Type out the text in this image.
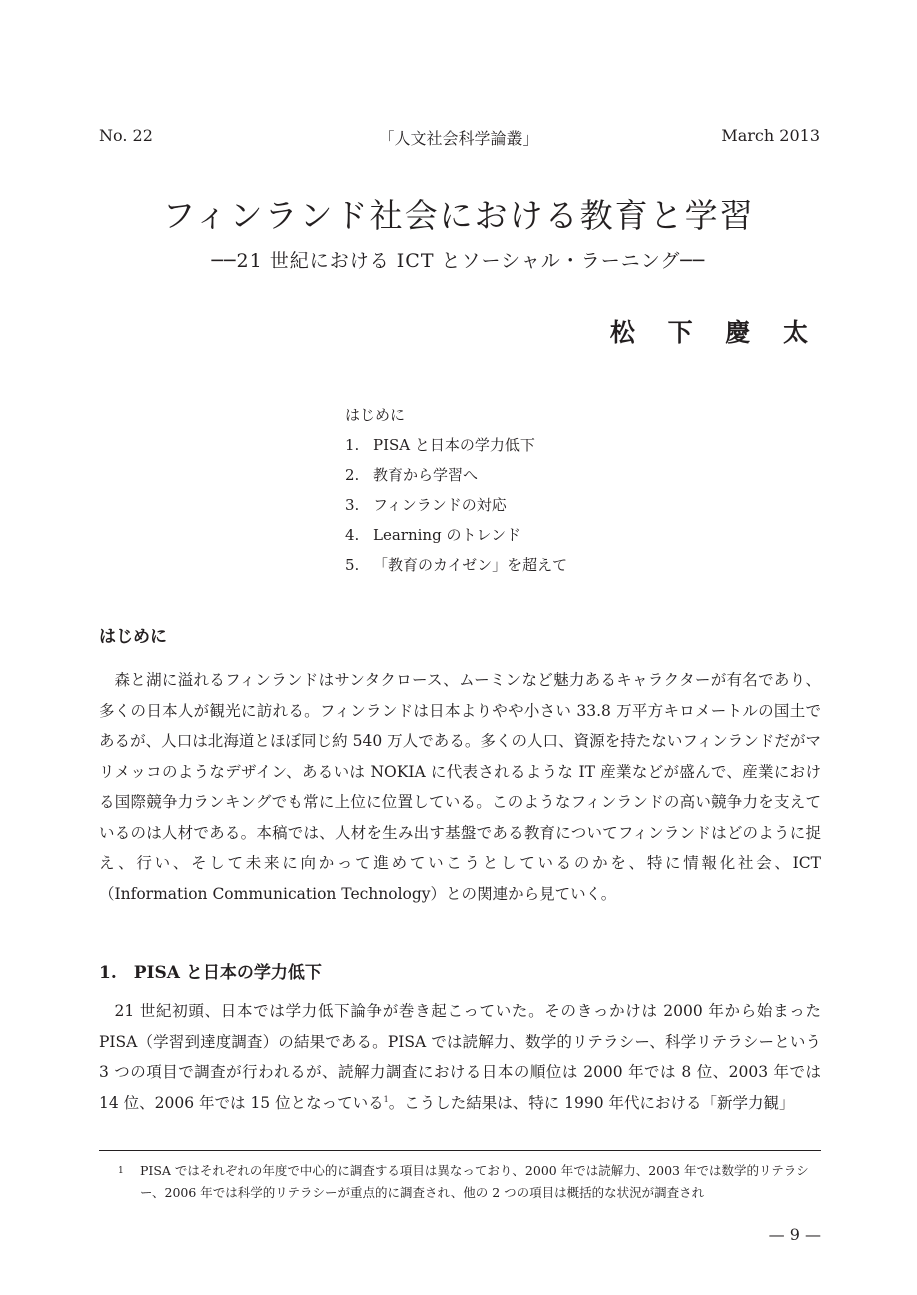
No. 22	「人文社会科学論叢」	March 2013
フィンランド社会における教育と学習
──21 世紀における ICT とソーシャル・ラーニング──
松 下 慶 太
はじめに
1. PISA と日本の学力低下
2. 教育から学習へ
3. フィンランドの対応
4. Learning のトレンド
5. 「教育のカイゼン」を超えて
はじめに
森と湖に溢れるフィンランドはサンタクロース、ムーミンなど魅力あるキャラクターが有名であり、多くの日本人が観光に訪れる。フィンランドは日本よりやや小さい 33.8 万平方キロメートルの国土であるが、人口は北海道とほぼ同じ約 540 万人である。多くの人口、資源を持たないフィンランドだがマリメッコのようなデザイン、あるいは NOKIA に代表されるような IT 産業などが盛んで、産業における国際競争力ランキングでも常に上位に位置している。このようなフィンランドの高い競争力を支えているのは人材である。本稿では、人材を生み出す基盤である教育についてフィンランドはどのように捉え、行い、そして未来に向かって進めていこうとしているのかを、特に情報化社会、ICT（Information Communication Technology）との関連から見ていく。
1.　PISA と日本の学力低下
21 世紀初頭、日本では学力低下論争が巻き起こっていた。そのきっかけは 2000 年から始まった PISA（学習到達度調査）の結果である。PISA では読解力、数学的リテラシー、科学リテラシーという 3 つの項目で調査が行われるが、読解力調査における日本の順位は 2000 年では 8 位、2003 年では 14 位、2006 年では 15 位となっている$^1$。こうした結果は、特に 1990 年代における「新学力観」
1 PISA ではそれぞれの年度で中心的に調査する項目は異なっており、2000 年では読解力、2003 年では数学的リテラシー、2006 年では科学的リテラシーが重点的に調査され、他の 2 つの項目は概括的な状況が調査され
— 9 —
